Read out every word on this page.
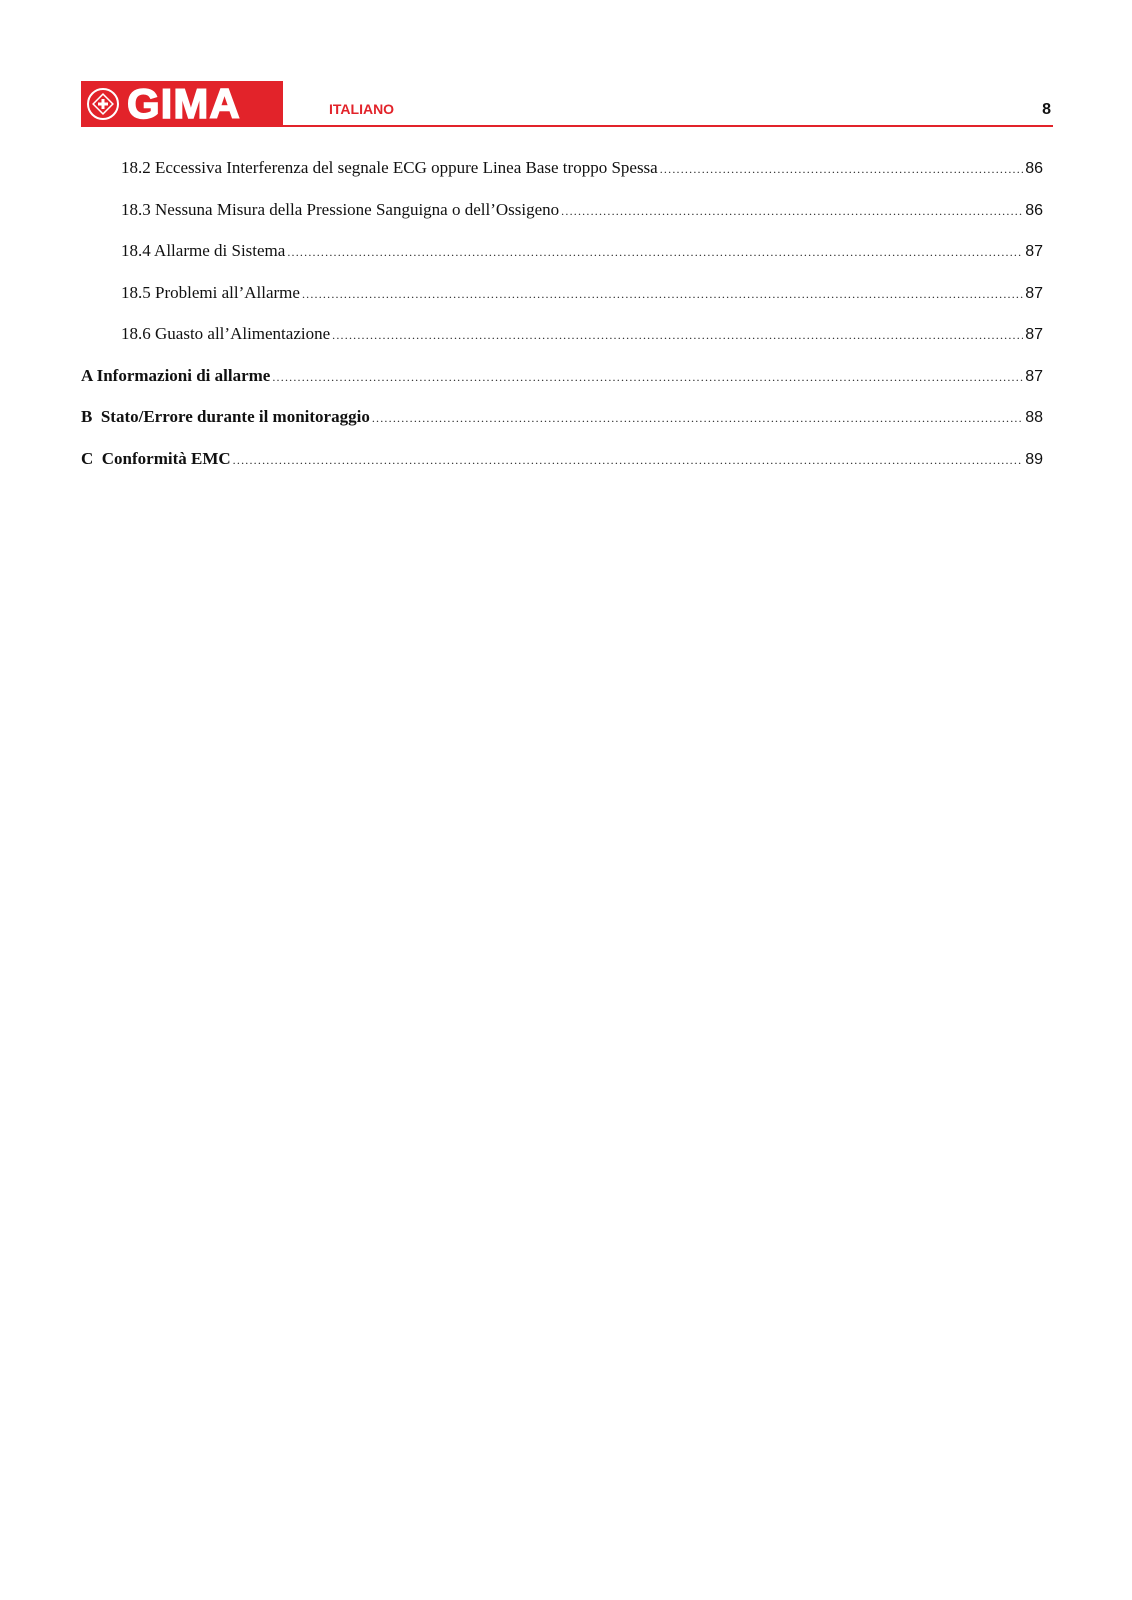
GIMA	ITALIANO	8
18.2 Eccessiva Interferenza del segnale ECG oppure Linea Base troppo Spessa .....	86
18.3 Nessuna Misura della Pressione Sanguigna o dell’Ossigeno .....	86
18.4 Allarme di Sistema .....	87
18.5 Problemi all’Allarme .....	87
18.6 Guasto all’Alimentazione .....	87
A Informazioni di allarme .....	87
B  Stato/Errore durante il monitoraggio .....	88
C  Conformità EMC .....	89
